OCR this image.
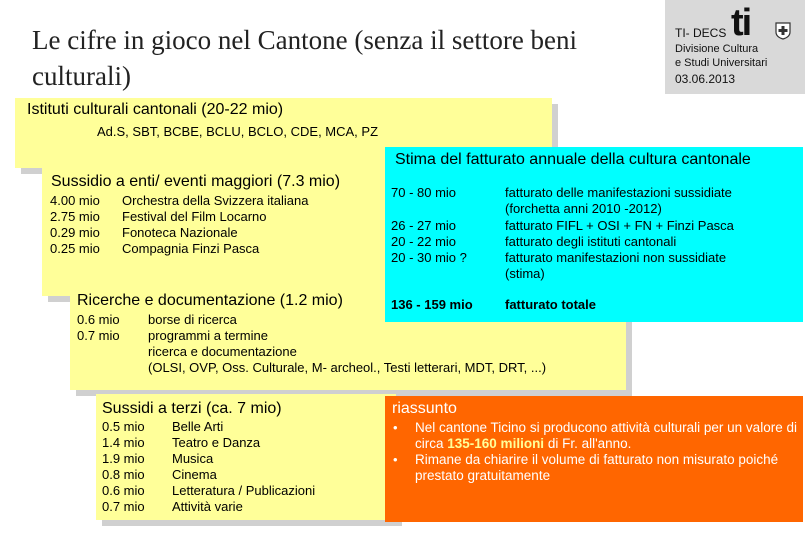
Le cifre in gioco nel Cantone (senza il settore beni culturali)
TI- DECS ti
Divisione Cultura
e Studi Universitari
03.06.2013
Istituti culturali cantonali (20-22 mio)
Ad.S, SBT, BCBE, BCLU, BCLO, CDE, MCA, PZ
Sussidio a enti/ eventi maggiori (7.3 mio)
4.00 mio Orchestra della Svizzera italiana
2.75 mio Festival del Film Locarno
0.29 mio Fonoteca Nazionale
0.25 mio Compagnia Finzi Pasca
Ricerche e documentazione (1.2 mio)
0.6 mio borse di ricerca
0.7 mio programmi a termine
ricerca e documentazione
(OLSI, OVP, Oss. Culturale, M- archeol., Testi letterari, MDT, DRT, ...)
Sussidi a terzi (ca. 7 mio)
0.5 mio Belle Arti
1.4 mio Teatro e Danza
1.9 mio Musica
0.8 mio Cinema
0.6 mio Letteratura / Publicazioni
0.7 mio Attività varie
Stima del fatturato annuale della cultura cantonale
70 - 80 mio	fatturato delle manifestazioni sussidiate
(forchetta anni 2010 -2012)
26 - 27 mio	fatturato FIFL + OSI + FN + Finzi Pasca
20 - 22 mio	fatturato degli istituti cantonali
20 - 30 mio ?	fatturato manifestazioni non sussidiate
(stima)
136 - 159 mio fatturato totale
riassunto
• Nel cantone Ticino si producono attività culturali per un valore di circa 135-160 milioni di Fr. all'anno.
• Rimane da chiarire il volume di fatturato non misurato poiché prestato gratuitamente
